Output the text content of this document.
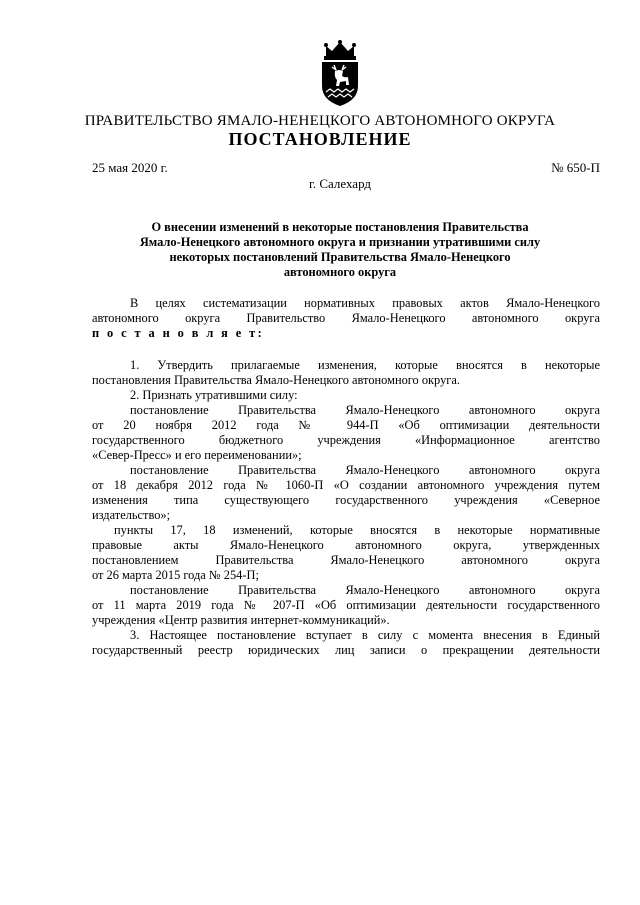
ПРАВИТЕЛЬСТВО ЯМАЛО-НЕНЕЦКОГО АВТОНОМНОГО ОКРУГА
ПОСТАНОВЛЕНИЕ
25 мая 2020 г.	№ 650-П
г. Салехард
О внесении изменений в некоторые постановления Правительства
Ямало-Ненецкого автономного округа и признании утратившими силу
некоторых постановлений Правительства Ямало-Ненецкого
автономного округа
В целях систематизации нормативных правовых актов Ямало-Ненецкого
автономного округа Правительство Ямало-Ненецкого автономного округа
п о с т а н о в л я е т:
1. Утвердить прилагаемые изменения, которые вносятся в некоторые
постановления Правительства Ямало-Ненецкого автономного округа.
2. Признать утратившими силу:
постановление Правительства Ямало-Ненецкого автономного округа
от 20 ноября 2012 года № 944-П «Об оптимизации деятельности
государственного бюджетного учреждения «Информационное агентство
«Север-Пресс» и его переименовании»;
постановление Правительства Ямало-Ненецкого автономного округа
от 18 декабря 2012 года № 1060-П «О создании автономного учреждения путем
изменения типа существующего государственного учреждения «Северное
издательство»;
пункты 17, 18 изменений, которые вносятся в некоторые нормативные
правовые акты Ямало-Ненецкого автономного округа, утвержденных
постановлением Правительства Ямало-Ненецкого автономного округа
от 26 марта 2015 года № 254-П;
постановление Правительства Ямало-Ненецкого автономного округа
от 11 марта 2019 года № 207-П «Об оптимизации деятельности государственного
учреждения «Центр развития интернет-коммуникаций».
3. Настоящее постановление вступает в силу с момента внесения в Единый
государственный реестр юридических лиц записи о прекращении деятельности
